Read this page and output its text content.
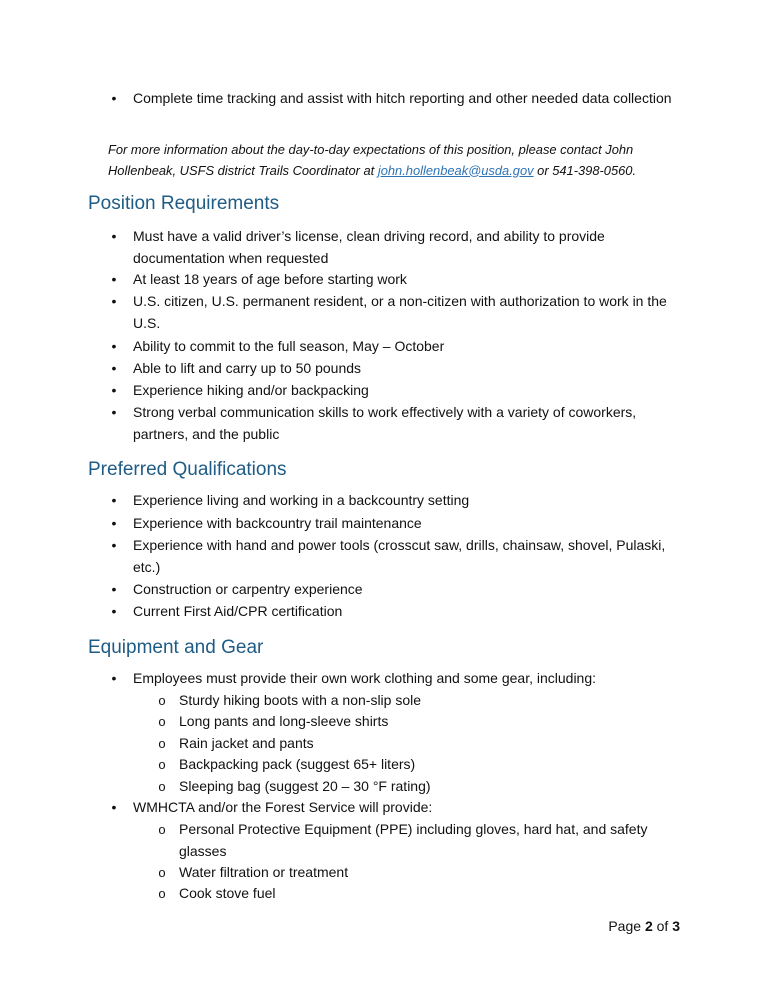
• Complete time tracking and assist with hitch reporting and other needed data collection
For more information about the day-to-day expectations of this position, please contact John Hollenbeak, USFS district Trails Coordinator at john.hollenbeak@usda.gov or 541-398-0560.
Position Requirements
• Must have a valid driver’s license, clean driving record, and ability to provide documentation when requested
• At least 18 years of age before starting work
• U.S. citizen, U.S. permanent resident, or a non-citizen with authorization to work in the U.S.
• Ability to commit to the full season, May – October
• Able to lift and carry up to 50 pounds
• Experience hiking and/or backpacking
• Strong verbal communication skills to work effectively with a variety of coworkers, partners, and the public
Preferred Qualifications
• Experience living and working in a backcountry setting
• Experience with backcountry trail maintenance
• Experience with hand and power tools (crosscut saw, drills, chainsaw, shovel, Pulaski, etc.)
• Construction or carpentry experience
• Current First Aid/CPR certification
Equipment and Gear
• Employees must provide their own work clothing and some gear, including:
o Sturdy hiking boots with a non-slip sole
o Long pants and long-sleeve shirts
o Rain jacket and pants
o Backpacking pack (suggest 65+ liters)
o Sleeping bag (suggest 20 – 30 °F rating)
• WMHCTA and/or the Forest Service will provide:
o Personal Protective Equipment (PPE) including gloves, hard hat, and safety glasses
o Water filtration or treatment
o Cook stove fuel
Page 2 of 3
